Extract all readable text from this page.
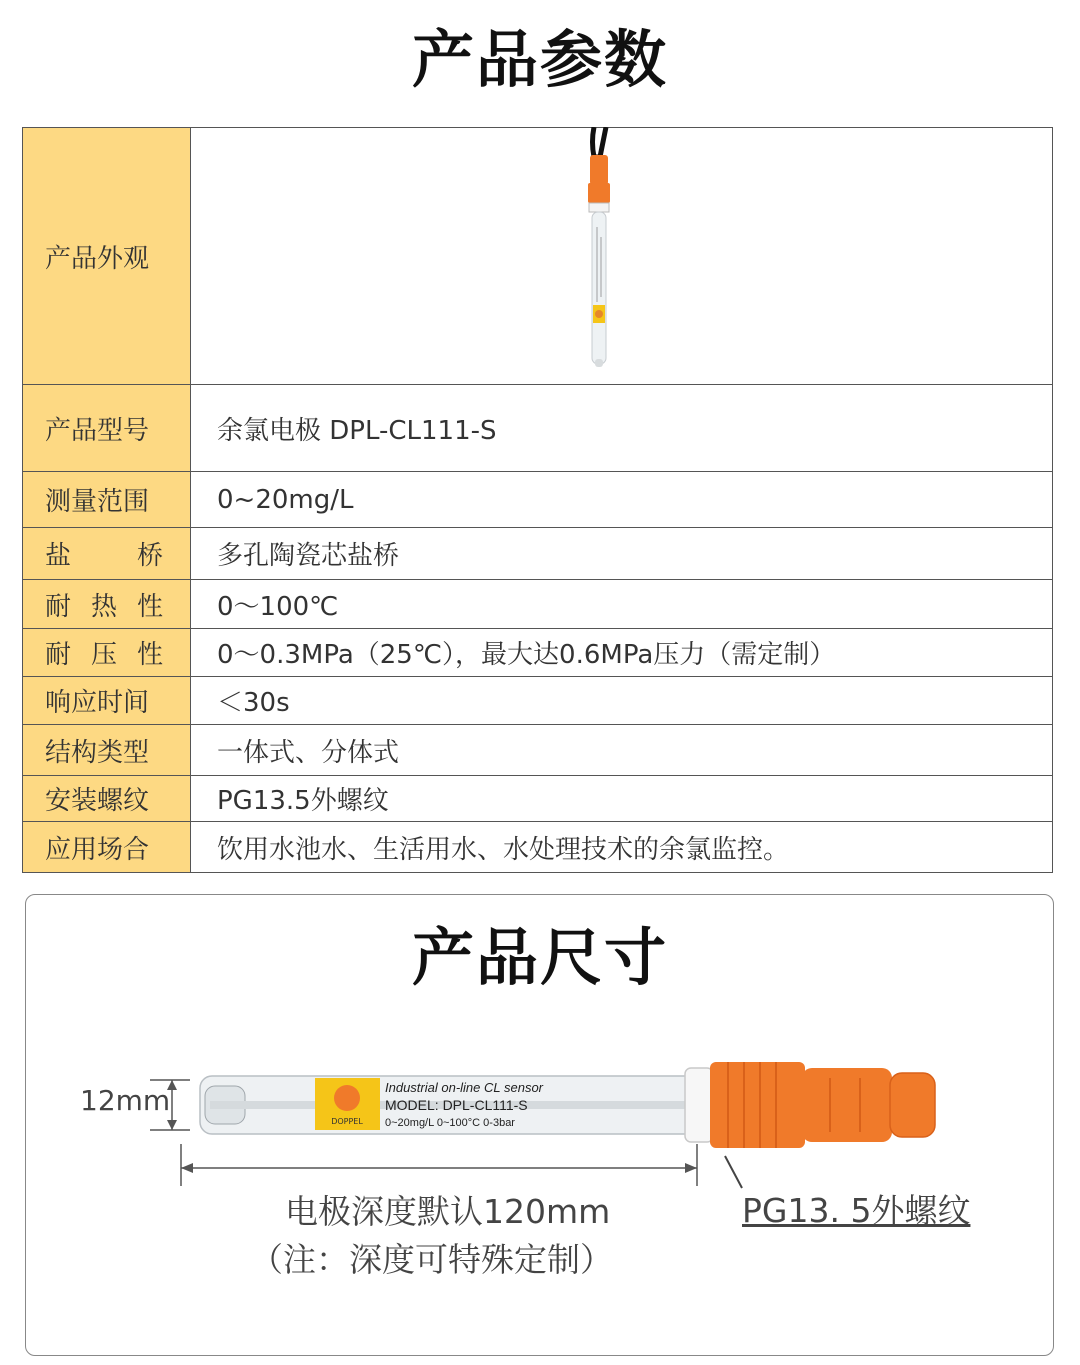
产品参数
产品外观	
产品型号	余氯电极 DPL-CL111-S
测量范围	0~20mg/L

盐 桥	多孔陶瓷芯盐桥

耐 热 性	0～100℃

耐 压 性	0～0.3MPa（25℃），最大达0.6MPa压力（需定制）
响应时间	＜30s
结构类型	一体式、分体式
安装螺纹	PG13.5外螺纹
应用场合	饮用水池水、生活用水、水处理技术的余氯监控。
产品尺寸
DOPPEL
Industrial on-line CL sensor
MODEL: DPL-CL111-S
0~20mg/L 0~100°C 0-3bar
12mm
电极深度默认120mm
（注：深度可特殊定制）
PG13. 5外螺纹
